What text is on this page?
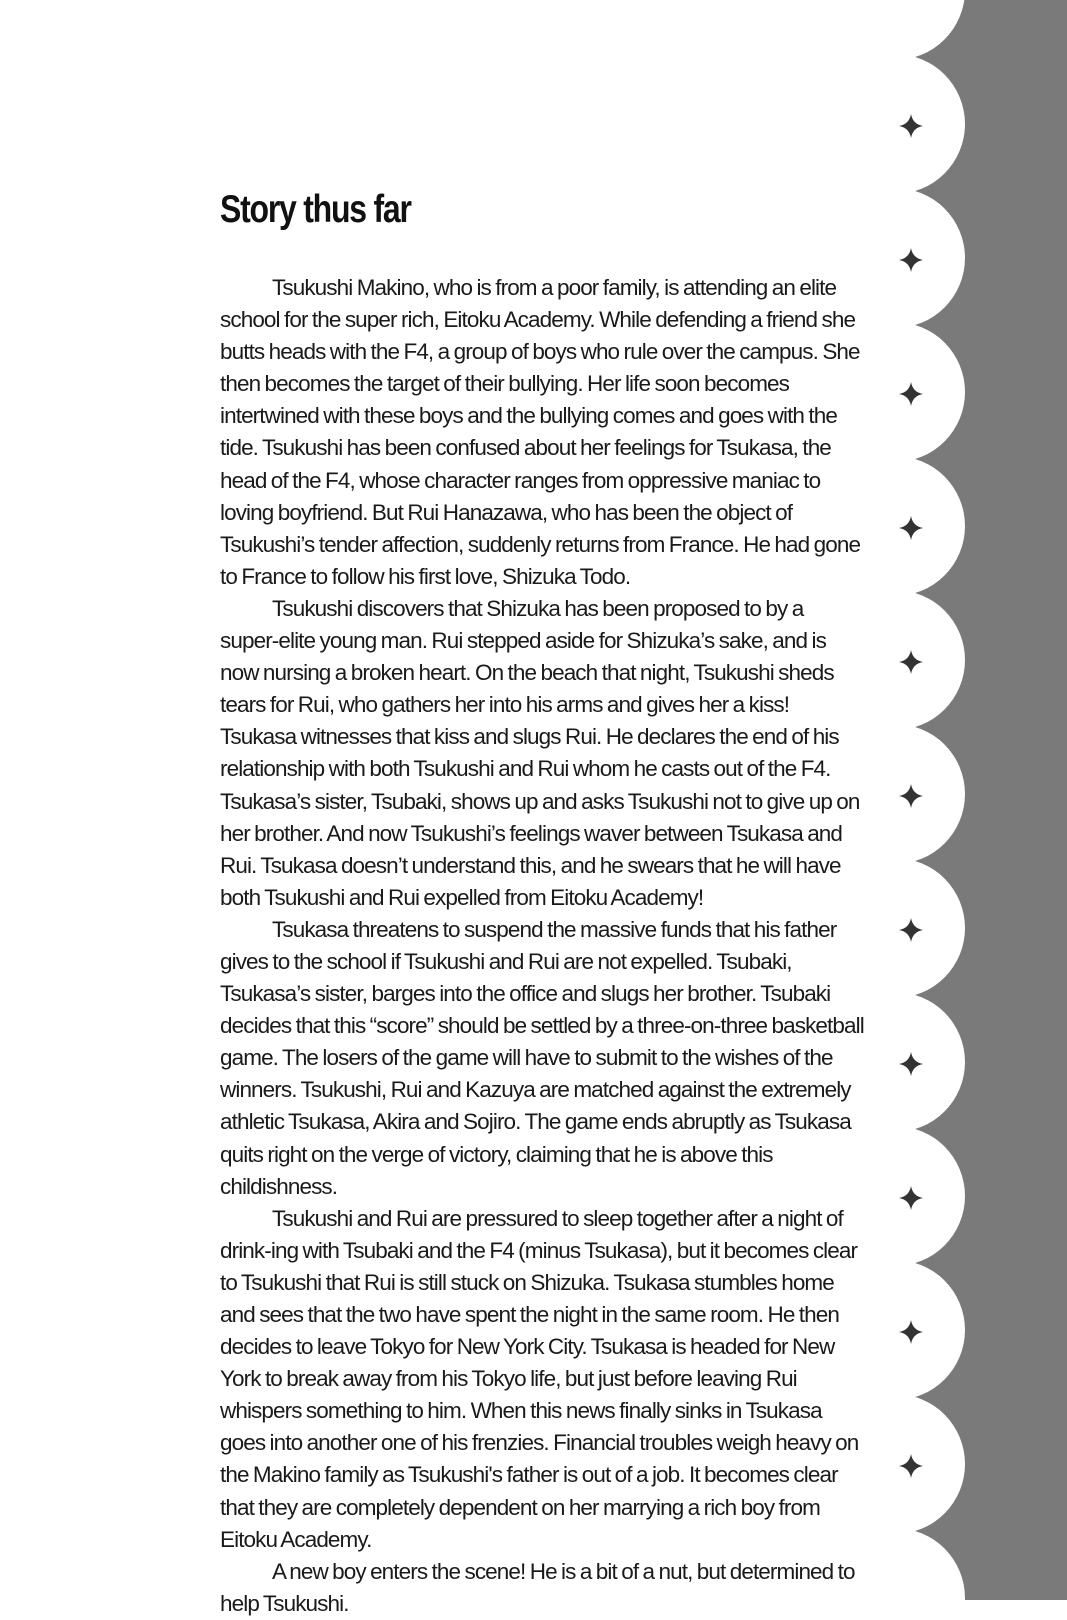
Story thus far

Tsukushi Makino, who is from a poor family, is attending an elite school for the super rich, Eitoku Academy. While defending a friend she butts heads with the F4, a group of boys who rule over the campus. She then becomes the target of their bullying. Her life soon becomes intertwined with these boys and the bullying comes and goes with the tide. Tsukushi has been confused about her feelings for Tsukasa, the head of the F4, whose character ranges from oppressive maniac to loving boyfriend. But Rui Hanazawa, who has been the object of Tsukushi’s tender affection, suddenly returns from France. He had gone to France to follow his first love, Shizuka Todo.

Tsukushi discovers that Shizuka has been proposed to by a super-elite young man. Rui stepped aside for Shizuka’s sake, and is now nursing a broken heart. On the beach that night, Tsukushi sheds tears for Rui, who gathers her into his arms and gives her a kiss! Tsukasa witnesses that kiss and slugs Rui. He declares the end of his relationship with both Tsukushi and Rui whom he casts out of the F4. Tsukasa’s sister, Tsubaki, shows up and asks Tsukushi not to give up on her brother. And now Tsukushi’s feelings waver between Tsukasa and Rui. Tsukasa doesn’t understand this, and he swears that he will have both Tsukushi and Rui expelled from Eitoku Academy!

Tsukasa threatens to suspend the massive funds that his father gives to the school if Tsukushi and Rui are not expelled. Tsubaki, Tsukasa’s sister, barges into the office and slugs her brother. Tsubaki decides that this “score” should be settled by a three-on-three basketball game. The losers of the game will have to submit to the wishes of the winners. Tsukushi, Rui and Kazuya are matched against the extremely athletic Tsukasa, Akira and Sojiro. The game ends abruptly as Tsukasa quits right on the verge of victory, claiming that he is above this childishness.

Tsukushi and Rui are pressured to sleep together after a night of drink-ing with Tsubaki and the F4 (minus Tsukasa), but it becomes clear to Tsukushi that Rui is still stuck on Shizuka. Tsukasa stumbles home and sees that the two have spent the night in the same room. He then decides to leave Tokyo for New York City. Tsukasa is headed for New York to break away from his Tokyo life, but just before leaving Rui whispers something to him. When this news finally sinks in Tsukasa goes into another one of his frenzies. Financial troubles weigh heavy on the Makino family as Tsukushi's father is out of a job. It becomes clear that they are completely dependent on her marrying a rich boy from Eitoku Academy.

A new boy enters the scene! He is a bit of a nut, but determined to help Tsukushi.
